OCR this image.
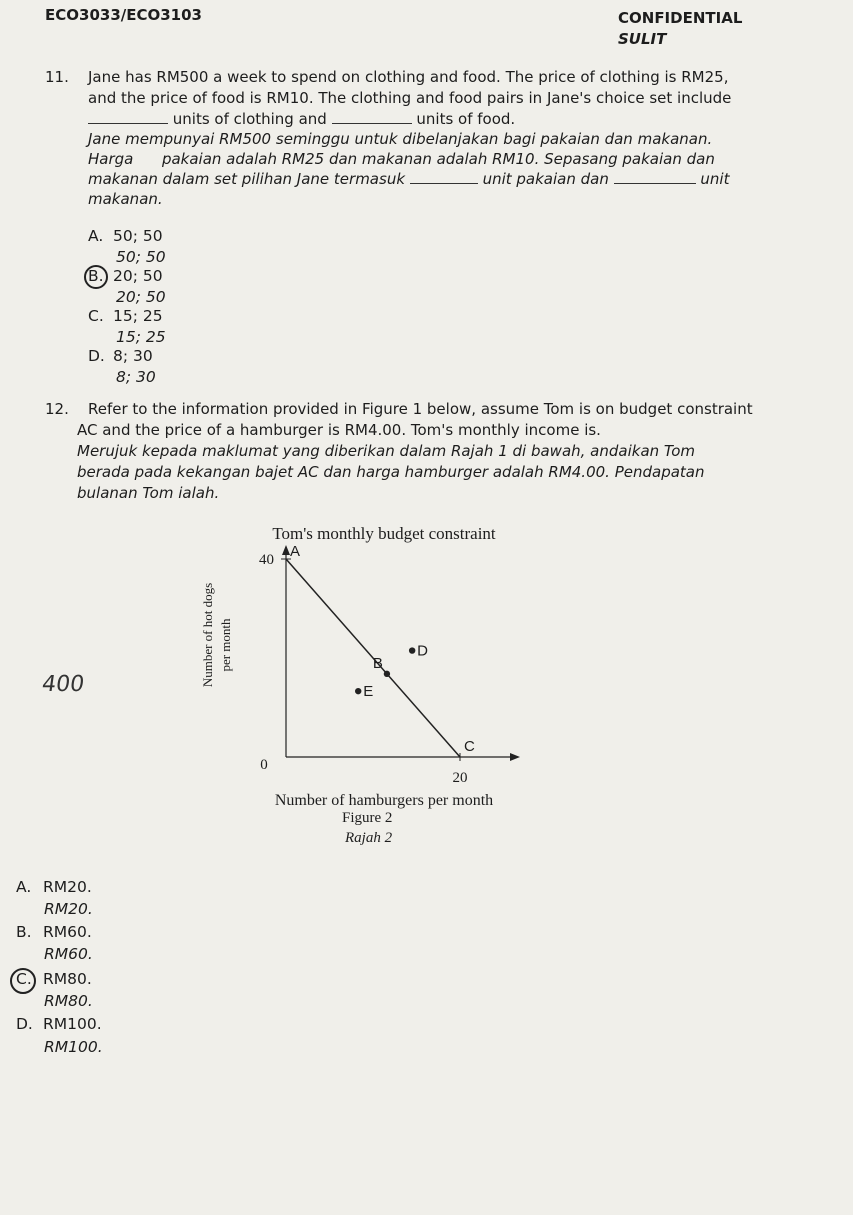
ECO3033/ECO3103	CONFIDENTIAL
SULIT
11. Jane has RM500 a week to spend on clothing and food. The price of clothing is RM25,
and the price of food is RM10. The clothing and food pairs in Jane's choice set include
units of clothing and	units of food.
Jane mempunyai RM500 seminggu untuk dibelanjakan bagi pakaian dan makanan.
Harga      pakaian adalah RM25 dan makanan adalah RM10. Sepasang pakaian dan
makanan dalam set pilihan Jane termasuk	unit pakaian dan	unit
makanan.
A. 50; 50
50; 50
B. 20; 50
20; 50
C. 15; 25
15; 25
D. 8; 30
8; 30
12. Refer to the information provided in Figure 1 below, assume Tom is on budget constraint
AC and the price of a hamburger is RM4.00. Tom's monthly income is.
Merujuk kepada maklumat yang diberikan dalam Rajah 1 di bawah, andaikan Tom
berada pada kekangan bajet AC dan harga hamburger adalah RM4.00. Pendapatan
bulanan Tom ialah.
400
Tom's monthly budget constraint
40
20
0
A
B
C
D
E
Number of hot dogs per month
Number of hamburgers per month
Figure 2
Rajah 2
A. RM20.
RM20.
B. RM60.
RM60.
C. RM80.
RM80.
D. RM100.
RM100.
